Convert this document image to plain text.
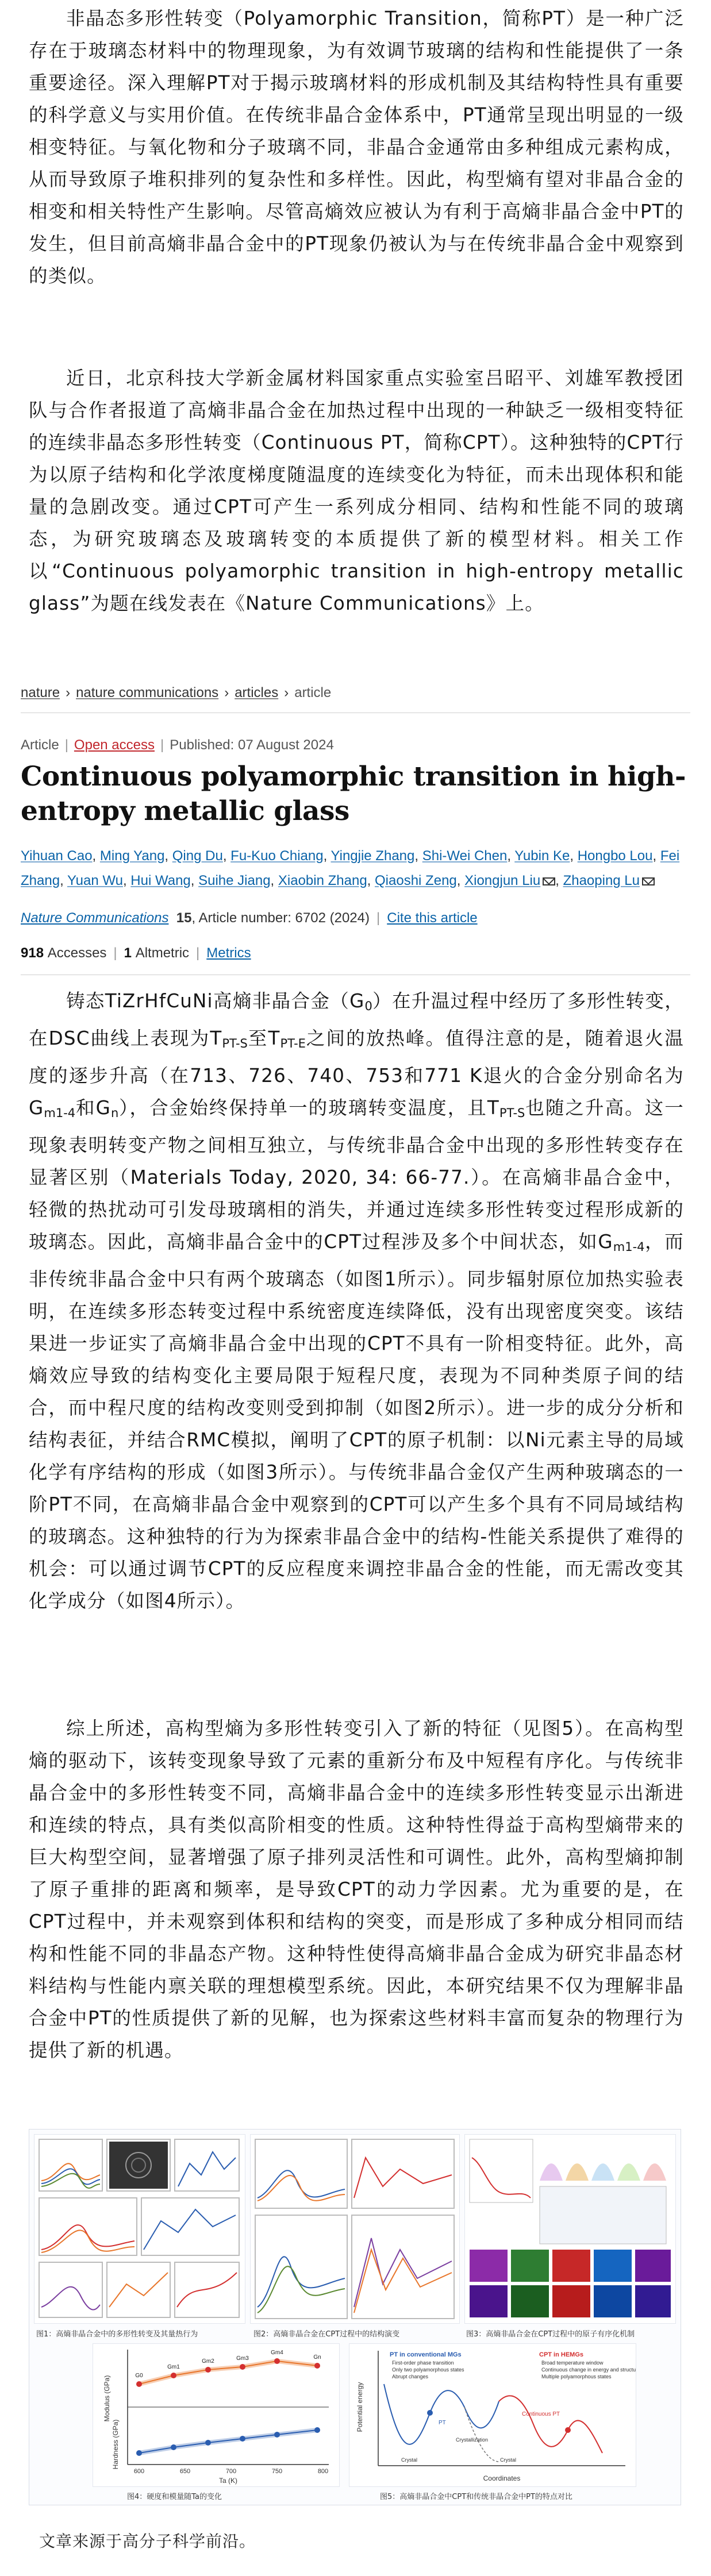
非晶态多形性转变（Polyamorphic Transition，简称PT）是一种广泛存在于玻璃态材料中的物理现象，为有效调节玻璃的结构和性能提供了一条重要途径。深入理解PT对于揭示玻璃材料的形成机制及其结构特性具有重要的科学意义与实用价值。在传统非晶合金体系中，PT通常呈现出明显的一级相变特征。与氧化物和分子玻璃不同，非晶合金通常由多种组成元素构成，从而导致原子堆积排列的复杂性和多样性。因此，构型熵有望对非晶合金的相变和相关特性产生影响。尽管高熵效应被认为有利于高熵非晶合金中PT的发生，但目前高熵非晶合金中的PT现象仍被认为与在传统非晶合金中观察到的类似。
近日，北京科技大学新金属材料国家重点实验室吕昭平、刘雄军教授团队与合作者报道了高熵非晶合金在加热过程中出现的一种缺乏一级相变特征的连续非晶态多形性转变（Continuous PT，简称CPT）。这种独特的CPT行为以原子结构和化学浓度梯度随温度的连续变化为特征，而未出现体积和能量的急剧改变。通过CPT可产生一系列成分相同、结构和性能不同的玻璃态，为研究玻璃态及玻璃转变的本质提供了新的模型材料。相关工作以“Continuous polyamorphic transition in high-entropy metallic glass”为题在线发表在《Nature Communications》上。
nature › nature communications › articles › article
Article | Open access | Published: 07 August 2024
Continuous polyamorphic transition in high-entropy metallic glass
Yihuan Cao, Ming Yang, Qing Du, Fu-Kuo Chiang, Yingjie Zhang, Shi-Wei Chen, Yubin Ke, Hongbo Lou, Fei
Zhang, Yuan Wu, Hui Wang, Suihe Jiang, Xiaobin Zhang, Qiaoshi Zeng, Xiongjun Liu , Zhaoping Lu
Nature Communications 15, Article number: 6702 (2024) | Cite this article
918 Accesses | 1 Altmetric | Metrics
铸态TiZrHfCuNi高熵非晶合金$(G_0)$在升温过程中经历了多形性转变，在DSC曲线上表现为$T_{PT-S}$至$T_{PT-E}$之间的放热峰。值得注意的是，随着退火温度的逐步升高（在713、726、740、753和771 K退火的合金分别命名为$G_{m1-4}$和$G_n$），合金始终保持单一的玻璃转变温度，且$T_{PT-S}$也随之升高。这一现象表明转变产物之间相互独立，与传统非晶合金中出现的多形性转变存在显著区别（Materials Today, 2020, 34: 66-77.）。在高熵非晶合金中，轻微的热扰动可引发母玻璃相的消失，并通过连续多形性转变过程形成新的玻璃态。因此，高熵非晶合金中的CPT过程涉及多个中间状态，如$G_{m1-4}$，而非传统非晶合金中只有两个玻璃态（如图1所示）。同步辐射原位加热实验表明，在连续多形态转变过程中系统密度连续降低，没有出现密度突变。该结果进一步证实了高熵非晶合金中出现的CPT不具有一阶相变特征。此外，高熵效应导致的结构变化主要局限于短程尺度，表现为不同种类原子间的结合，而中程尺度的结构改变则受到抑制（如图2所示）。进一步的成分分析和结构表征，并结合RMC模拟，阐明了CPT的原子机制：以Ni元素主导的局域化学有序结构的形成（如图3所示）。与传统非晶合金仅产生两种玻璃态的一阶PT不同，在高熵非晶合金中观察到的CPT可以产生多个具有不同局域结构的玻璃态。这种独特的行为为探索非晶合金中的结构-性能关系提供了难得的机会：可以通过调节CPT的反应程度来调控非晶合金的性能，而无需改变其化学成分（如图4所示）。
综上所述，高构型熵为多形性转变引入了新的特征（见图5）。在高构型熵的驱动下，该转变现象导致了元素的重新分布及中短程有序化。与传统非晶合金中的多形性转变不同，高熵非晶合金中的连续多形性转变显示出渐进和连续的特点，具有类似高阶相变的性质。这种特性得益于高构型熵带来的巨大构型空间，显著增强了原子排列灵活性和可调性。此外，高构型熵抑制了原子重排的距离和频率，是导致CPT的动力学因素。尤为重要的是，在CPT过程中，并未观察到体积和结构的突变，而是形成了多种成分相同而结构和性能不同的非晶态产物。这种特性使得高熵非晶合金成为研究非晶态材料结构与性能内禀关联的理想模型系统。因此，本研究结果不仅为理解非晶合金中PT的性质提供了新的见解，也为探索这些材料丰富而复杂的物理行为提供了新的机遇。
图1：高熵非晶合金中的多形性转变及其量热行为	图2：高熵非晶合金在CPT过程中的结构演变	图3：高熵非晶合金在CPT过程中的原子有序化机制
Modulus (GPa)
Hardness (GPa)
Ta (K)
600	650	700	750	800
G0
Gm1
Gm2	Gm3
Gm4
Gn
图4：硬度和模量随Ta的变化
Potential energy
Coordinates
PT in conventional MGs
First-order phase transition
Only two polyamorphous states
Abrupt changes
CPT in HEMGs
Broad temperature window
Continuous change in energy and structure
Multiple polyamorphous states
PT
Continuous PT
Crystallization
Crystal	Crystal
图5：高熵非晶合金中CPT和传统非晶合金中PT的特点对比
文章来源于高分子科学前沿。
